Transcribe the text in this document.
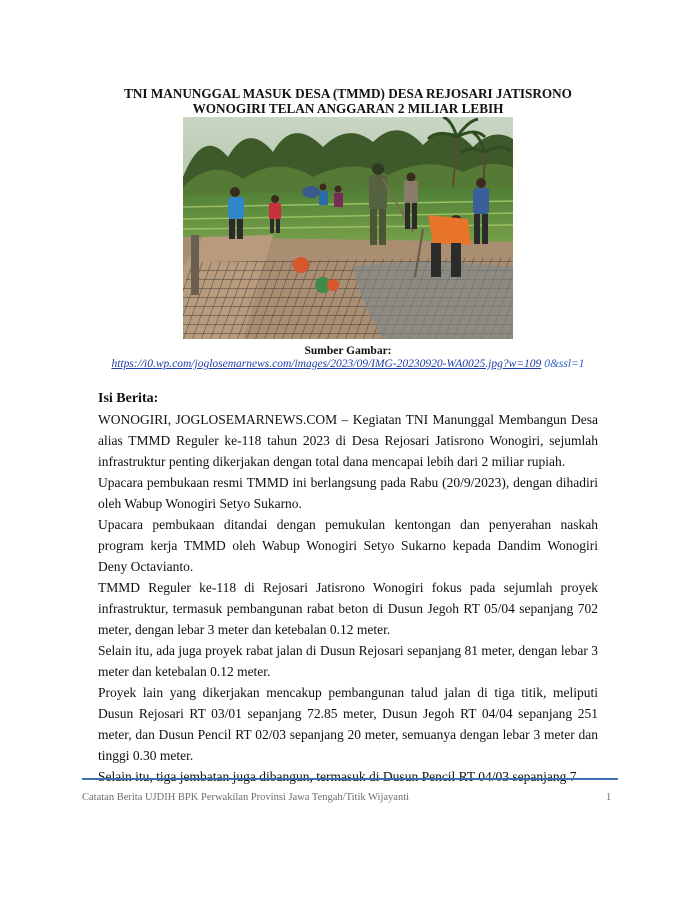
TNI MANUNGGAL MASUK DESA (TMMD) DESA REJOSARI JATISRONO
WONOGIRI TELAN ANGGARAN 2 MILIAR LEBIH
Sumber Gambar:
https://i0.wp.com/joglosemarnews.com/images/2023/09/IMG-20230920-WA0025.jpg?w=109 0&ssl=1
Isi Berita:

WONOGIRI, JOGLOSEMARNEWS.COM – Kegiatan TNI Manunggal Membangun Desa alias TMMD Reguler ke-118 tahun 2023 di Desa Rejosari Jatisrono Wonogiri, sejumlah infrastruktur penting dikerjakan dengan total dana mencapai lebih dari 2 miliar rupiah.

Upacara pembukaan resmi TMMD ini berlangsung pada Rabu (20/9/2023), dengan dihadiri oleh Wabup Wonogiri Setyo Sukarno.

Upacara pembukaan ditandai dengan pemukulan kentongan dan penyerahan naskah program kerja TMMD oleh Wabup Wonogiri Setyo Sukarno kepada Dandim Wonogiri Deny Octavianto.

TMMD Reguler ke-118 di Rejosari Jatisrono Wonogiri fokus pada sejumlah proyek infrastruktur, termasuk pembangunan rabat beton di Dusun Jegoh RT 05/04 sepanjang 702 meter, dengan lebar 3 meter dan ketebalan 0.12 meter.

Selain itu, ada juga proyek rabat jalan di Dusun Rejosari sepanjang 81 meter, dengan lebar 3 meter dan ketebalan 0.12 meter.

Proyek lain yang dikerjakan mencakup pembangunan talud jalan di tiga titik, meliputi Dusun Rejosari RT 03/01 sepanjang 72.85 meter, Dusun Jegoh RT 04/04 sepanjang 251 meter, dan Dusun Pencil RT 02/03 sepanjang 20 meter, semuanya dengan lebar 3 meter dan tinggi 0.30 meter.

Selain itu, tiga jembatan juga dibangun, termasuk di Dusun Pencil RT 04/03 sepanjang 7

Catatan Berita UJDIH BPK Perwakilan Provinsi Jawa Tengah/Titik Wijayanti	1
